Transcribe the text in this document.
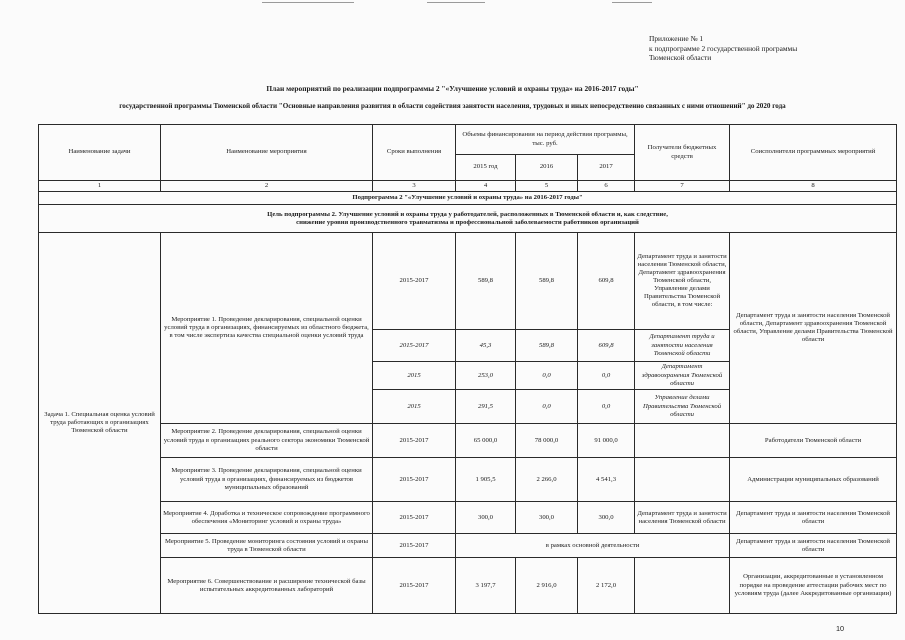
Приложение № 1
к подпрограмме 2 государственной программы
Тюменской области
План мероприятий по реализации подпрограммы 2 "«Улучшение условий и охраны труда» на 2016-2017 годы"
государственной программы Тюменской области "Основные направления развития в области содействия занятости населения, трудовых и иных непосредственно связанных с ними отношений" до 2020 года
Наименование задачи	Наименование мероприятия	Сроки выполнения	Объемы финансирования на период действия программы, тыс. руб.			Получатели бюджетных средств	Соисполнители программных мероприятий
			2015 год	2016	2017		
1	2	3	4	5	6	7	8
Подпрограмма 2 "«Улучшение условий и охраны труда» на 2016-2017 годы"							

Цель подпрограммы 2. Улучшение условий и охраны труда у работодателей, расположенных в Тюменской области и, как следствие,
снижение уровня производственного травматизма и профессиональной заболеваемости работников организаций							

Задача 1. Специальная оценка условий труда работающих в организациях Тюменской области	Мероприятие 1. Проведение декларирования, специальной оценки условий труда в организациях, финансируемых из областного бюджета, в том числе экспертиза качества специальной оценки условий труда	2015-2017	589,8	589,8	609,8	Департамент труда и занятости населения Тюменской области, Департамент здравоохранения Тюменской области, Управление делами Правительства Тюменской области, в том числе:	Департамент труда и занятости населения Тюменской области, Департамент здравоохранения Тюменской области, Управление делами Правительства Тюменской области
		2015-2017	45,3	589,8	609,8	Департамент труда и занятости населения Тюменской области	
		2015	253,0	0,0	0,0	Департамент здравоохранения Тюменской области	
		2015	291,5	0,0	0,0	Управление делами Правительства Тюменской области	
	Мероприятие 2. Проведение декларирования, специальной оценки условий труда в организациях реального сектора экономики Тюменской области	2015-2017	65 000,0	78 000,0	91 000,0		Работодатели Тюменской области
	Мероприятие 3. Проведение декларирования, специальной оценки условий труда в организациях, финансируемых из бюджетов муниципальных образований	2015-2017	1 905,5	2 266,0	4 541,3		Администрации муниципальных образований
	Мероприятие 4. Доработка и техническое сопровождение программного обеспечения «Мониторинг условий и охраны труда»	2015-2017	300,0	300,0	300,0	Департамент труда и занятости населения Тюменской области	Департамент труда и занятости населения Тюменской области
	Мероприятие 5. Проведение мониторинга состояния условий и охраны труда в Тюменской области	2015-2017	в рамках основной деятельности				Департамент труда и занятости населения Тюменской области
	Мероприятие 6. Совершенствование и расширение технической базы испытательных аккредитованных лабораторий	2015-2017	3 197,7	2 916,0	2 172,0		Организации, аккредитованные в установленном порядке на проведение аттестации рабочих мест по условиям труда (далее Аккредитованные организации)
10
